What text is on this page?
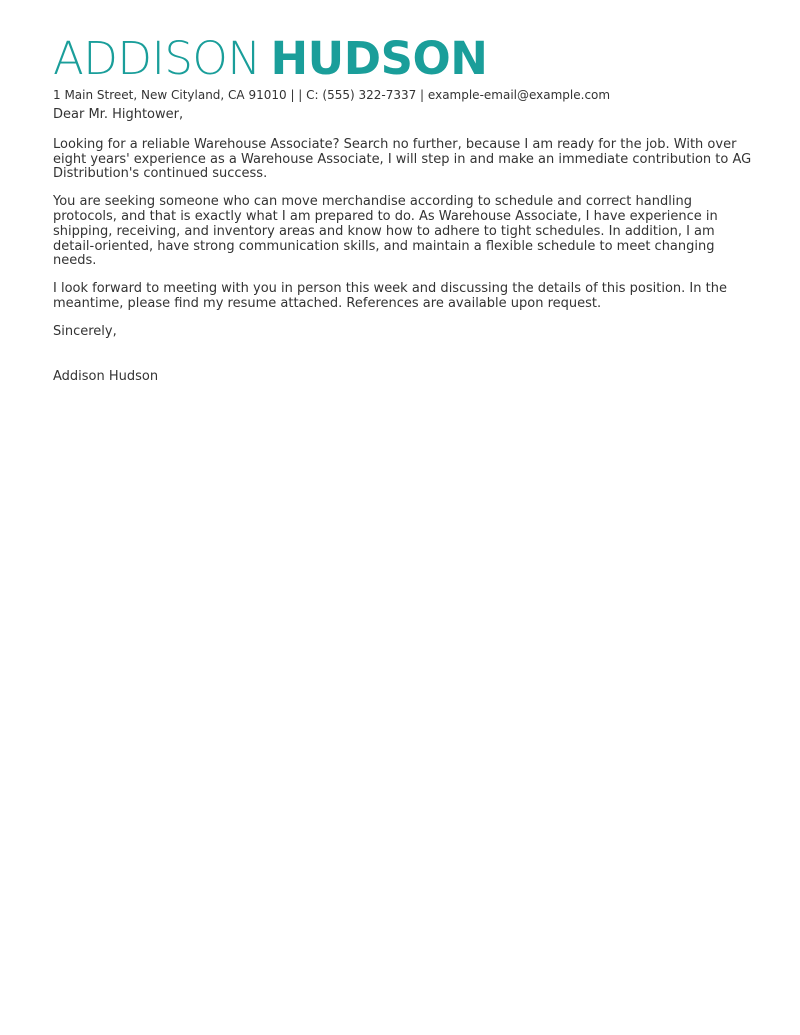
ADDISON HUDSON
1 Main Street, New Cityland, CA 91010 | | C: (555) 322-7337 | example-email@example.com

Dear Mr. Hightower,

Looking for a reliable Warehouse Associate? Search no further, because I am ready for the job. With over eight years' experience as a Warehouse Associate, I will step in and make an immediate contribution to AG Distribution's continued success.

You are seeking someone who can move merchandise according to schedule and correct handling protocols, and that is exactly what I am prepared to do. As Warehouse Associate, I have experience in shipping, receiving, and inventory areas and know how to adhere to tight schedules. In addition, I am detail-oriented, have strong communication skills, and maintain a flexible schedule to meet changing needs.

I look forward to meeting with you in person this week and discussing the details of this position. In the meantime, please find my resume attached. References are available upon request.

Sincerely,

Addison Hudson
